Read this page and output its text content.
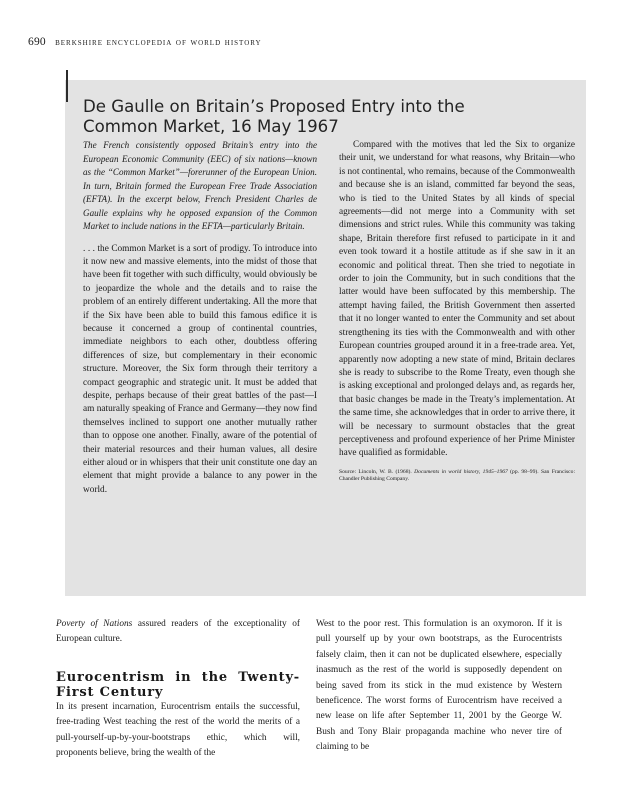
690 berkshire encyclopedia of world history
De Gaulle on Britain’s Proposed Entry into the Common Market, 16 May 1967

The French consistently opposed Britain’s entry into the European Economic Community (EEC) of six nations—known as the “Common Market”—forerunner of the European Union. In turn, Britain formed the European Free Trade Association (EFTA). In the excerpt below, French President Charles de Gaulle explains why he opposed expansion of the Common Market to include nations in the EFTA—particularly Britain.

. . . the Common Market is a sort of prodigy. To introduce into it now new and massive elements, into the midst of those that have been fit together with such difficulty, would obviously be to jeopardize the whole and the details and to raise the problem of an entirely different undertaking. All the more that if the Six have been able to build this famous edifice it is because it concerned a group of continental countries, immediate neighbors to each other, doubtless offering differences of size, but complementary in their economic structure. Moreover, the Six form through their territory a compact geographic and strategic unit. It must be added that despite, perhaps because of their great battles of the past—I am naturally speaking of France and Germany—they now find themselves inclined to support one another mutually rather than to oppose one another. Finally, aware of the potential of their material resources and their human values, all desire either aloud or in whispers that their unit constitute one day an element that might provide a balance to any power in the world.

Compared with the motives that led the Six to organize their unit, we understand for what reasons, why Britain—who is not continental, who remains, because of the Commonwealth and because she is an island, committed far beyond the seas, who is tied to the United States by all kinds of special agreements—did not merge into a Community with set dimensions and strict rules. While this community was taking shape, Britain therefore first refused to participate in it and even took toward it a hostile attitude as if she saw in it an economic and political threat. Then she tried to negotiate in order to join the Community, but in such conditions that the latter would have been suffocated by this membership. The attempt having failed, the British Government then asserted that it no longer wanted to enter the Community and set about strengthening its ties with the Commonwealth and with other European countries grouped around it in a free-trade area. Yet, apparently now adopting a new state of mind, Britain declares she is ready to subscribe to the Rome Treaty, even though she is asking exceptional and prolonged delays and, as regards her, that basic changes be made in the Treaty’s implementation. At the same time, she acknowledges that in order to arrive there, it will be necessary to surmount obstacles that the great perceptiveness and profound experience of her Prime Minister have qualified as formidable.

Source: Lincoln, W. B. (1968). Documents in world history, 1945–1967 (pp. 98–99). San Francisco: Chandler Publishing Company.

Poverty of Nations assured readers of the exceptionality of European culture.

Eurocentrism in the Twenty-First Century

In its present incarnation, Eurocentrism entails the successful, free-trading West teaching the rest of the world the merits of a pull-yourself-up-by-your-bootstraps ethic, which will, proponents believe, bring the wealth of the

West to the poor rest. This formulation is an oxymoron. If it is pull yourself up by your own bootstraps, as the Eurocentrists falsely claim, then it can not be duplicated elsewhere, especially inasmuch as the rest of the world is supposedly dependent on being saved from its stick in the mud existence by Western beneficence. The worst forms of Eurocentrism have received a new lease on life after September 11, 2001 by the George W. Bush and Tony Blair propaganda machine who never tire of claiming to be
